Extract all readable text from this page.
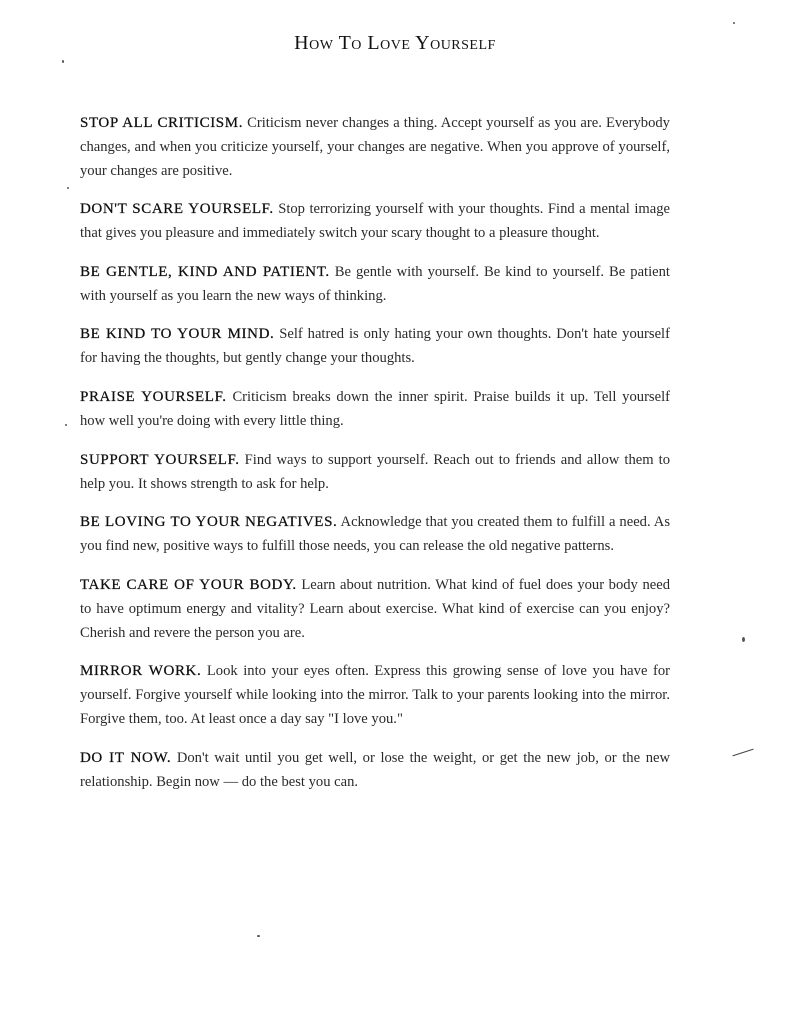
How To Love Yourself

STOP ALL CRITICISM. Criticism never changes a thing. Accept yourself as you are. Everybody changes, and when you criticize yourself, your changes are negative. When you approve of yourself, your changes are positive.

DON'T SCARE YOURSELF. Stop terrorizing yourself with your thoughts. Find a mental image that gives you pleasure and immediately switch your scary thought to a pleasure thought.

BE GENTLE, KIND AND PATIENT. Be gentle with yourself. Be kind to yourself. Be patient with yourself as you learn the new ways of thinking.

BE KIND TO YOUR MIND. Self hatred is only hating your own thoughts. Don't hate yourself for having the thoughts, but gently change your thoughts.

PRAISE YOURSELF. Criticism breaks down the inner spirit. Praise builds it up. Tell yourself how well you're doing with every little thing.

SUPPORT YOURSELF. Find ways to support yourself. Reach out to friends and allow them to help you. It shows strength to ask for help.

BE LOVING TO YOUR NEGATIVES. Acknowledge that you created them to fulfill a need. As you find new, positive ways to fulfill those needs, you can release the old negative patterns.

TAKE CARE OF YOUR BODY. Learn about nutrition. What kind of fuel does your body need to have optimum energy and vitality? Learn about exercise. What kind of exercise can you enjoy? Cherish and revere the person you are.

MIRROR WORK. Look into your eyes often. Express this growing sense of love you have for yourself. Forgive yourself while looking into the mirror. Talk to your parents looking into the mirror. Forgive them, too. At least once a day say "I love you."

DO IT NOW. Don't wait until you get well, or lose the weight, or get the new job, or the new relationship. Begin now — do the best you can.
